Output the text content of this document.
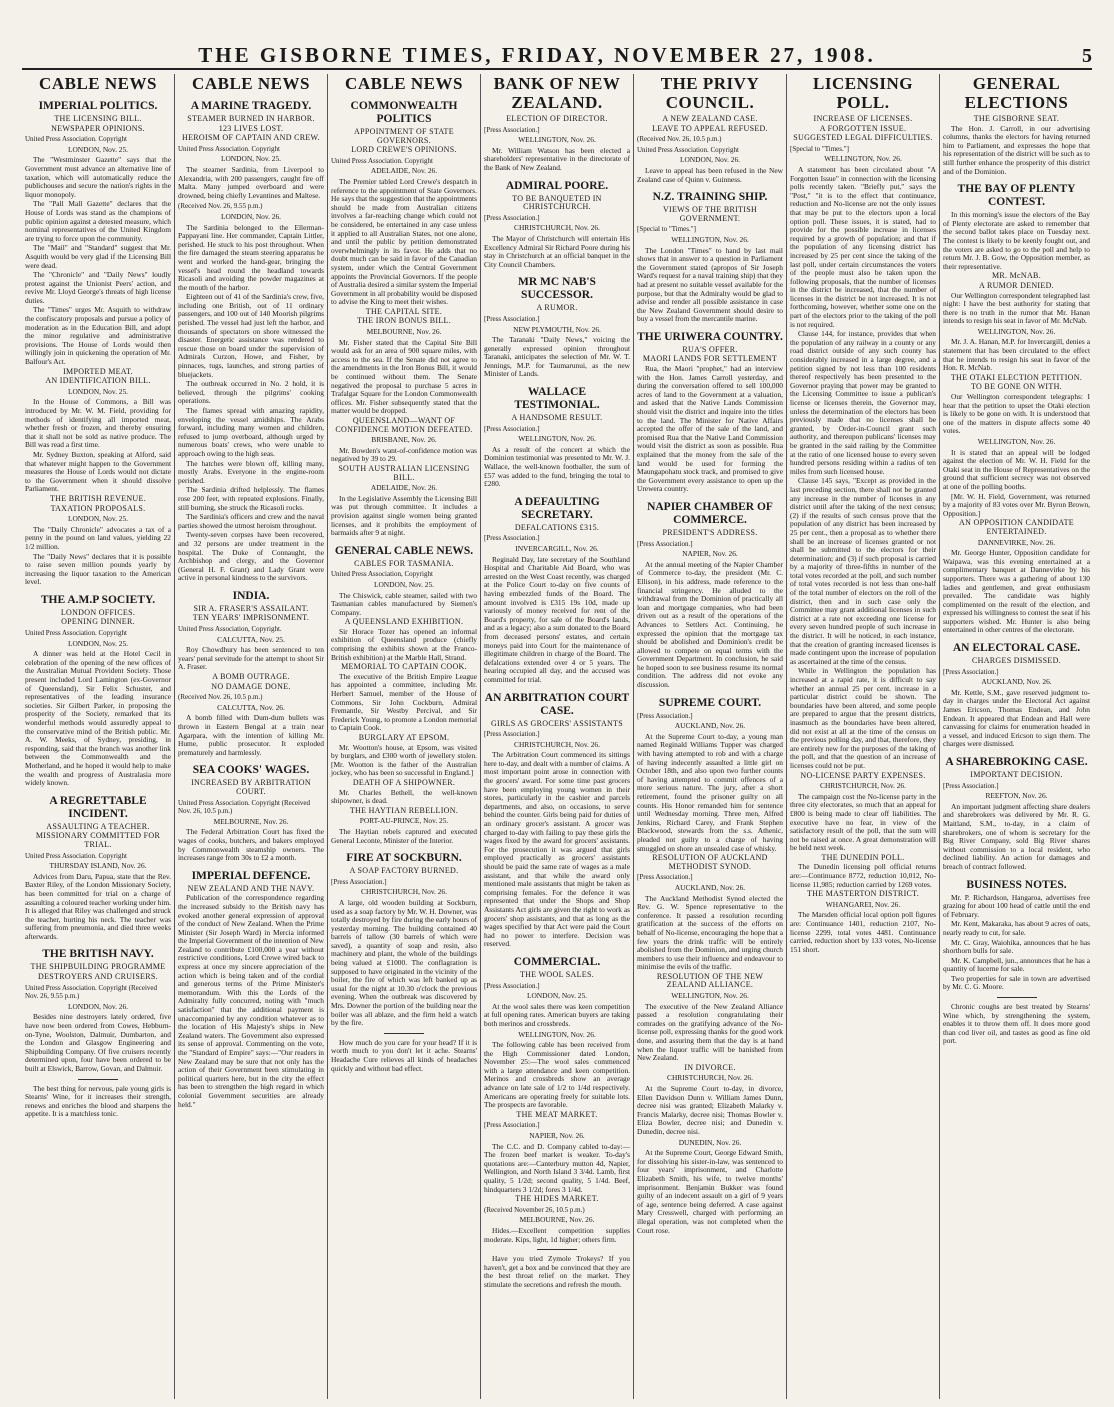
THE GISBORNE TIMES, FRIDAY, NOVEMBER 27, 1908.	5
CABLE NEWS
IMPERIAL POLITICS.
THE LICENSING BILL.
NEWSPAPER OPINIONS.
United Press Association. Copyright
LONDON, Nov. 25.

The "Westminster Gazette" says that the Government must advance an alternative line of taxation, which will automatically reduce the publichouses and secure the nation's rights in the liquor monopoly.

The "Pall Mall Gazette" declares that the House of Lords was stand as the champions of public opinion against a detested measure, which nominal representatives of the United Kingdom are trying to force upon the community.

The "Mail" and "Standard" suggest that Mr. Asquith would be very glad if the Licensing Bill were dead.

The "Chronicle" and "Daily News" loudly protest against the Unionist Peers' action, and revive Mr. Lloyd George's threats of high license duties.

The "Times" urges Mr. Asquith to withdraw the confiscatory proposals and pursue a policy of moderation as in the Education Bill, and adopt the minor regulative and administrative provisions. The House of Lords would then willingly join in quickening the operation of Mr. Balfour's Act.

IMPORTED MEAT.
AN IDENTIFICATION BILL.
LONDON, Nov. 25.

In the House of Commons, a Bill was introduced by Mr. W. M. Field, providing for methods of identifying all imported meat, whether fresh or frozen, and thereby ensuring that it shall not be sold as native produce. The Bill was read a first time.

Mr. Sydney Buxton, speaking at Alford, said that whatever might happen to the Government measures the House of Lords would not dictate to the Government when it should dissolve Parliament.

THE BRITISH REVENUE.
TAXATION PROPOSALS.
LONDON, Nov. 25.

The "Daily Chronicle" advocates a tax of a penny in the pound on land values, yielding 22 1/2 million.

The "Daily News" declares that it is possible to raise seven million pounds yearly by increasing the liquor taxation to the American level.

THE A.M.P SOCIETY.
LONDON OFFICES.
OPENING DINNER.
United Press Association. Copyright
LONDON, Nov. 25.

A dinner was held at the Hotel Cecil in celebration of the opening of the new offices of the Australian Mutual Provident Society. Those present included Lord Lamington (ex-Governor of Queensland), Sir Felix Schuster, and representatives of the leading insurance societies. Sir Gilbert Parker, in proposing the prosperity of the Society, remarked that its wonderful methods would assuredly appeal to the conservative mind of the British public. Mr. A. W. Meeks, of Sydney, presiding, in responding, said that the branch was another link between the Commonwealth and the Motherland, and he hoped it would help to make the wealth and progress of Australasia more widely known.

A REGRETTABLE INCIDENT.
ASSAULTING A TEACHER.
MISSIONARY COMMITTED FOR TRIAL.
United Press Association. Copyright
THURSDAY ISLAND, Nov. 26.

Advices from Daru, Papua, state that the Rev. Baxter Riley, of the London Missionary Society, has been committed for trial on a charge of assaulting a coloured teacher working under him. It is alleged that Riley was challenged and struck the teacher, hurting his neck. The teacher was suffering from pneumonia, and died three weeks afterwards.

THE BRITISH NAVY.
THE SHIPBUILDING PROGRAMME
DESTROYERS AND CRUISERS.
United Press Association. Copyright (Received Nov. 26, 9.55 p.m.)
LONDON, Nov. 26.

Besides nine destroyers lately ordered, five have now been ordered from Cowes, Hebburn-on-Tyne, Woolston, Dalmuir, Dumbarton, and the London and Glasgow Engineering and Shipbuilding Company. Of five cruisers recently determined upon, four have been ordered to be built at Elswick, Barrow, Govan, and Dalmuir.

The best thing for nervous, pale young girls is Stearns' Wine, for it increases their strength, renews and enriches the blood and sharpens the appetite. It is a matchless tonic.

CABLE NEWS
A MARINE TRAGEDY.
STEAMER BURNED IN HARBOR.
123 LIVES LOST.
HEROISM OF CAPTAIN AND CREW.
United Press Association. Copyright
LONDON, Nov. 25.

The steamer Sardinia, from Liverpool to Alexandria, with 200 passengers, caught fire off Malta. Many jumped overboard and were drowned, being chiefly Levantines and Maltese.

(Received Nov. 26, 9.55 p.m.)
LONDON, Nov. 26.

The Sardinia belonged to the Ellerman-Pappayani line. Her commander, Captain Littler, perished. He stuck to his post throughout. When the fire damaged the steam steering apparatus he went and worked the hand-gear, bringing the vessel's head round the headland towards Ricasoli and avoiding the powder magazines at the mouth of the harbor.

Eighteen out of 41 of the Sardinia's crew, five, including one British, out of 11 ordinary passengers, and 100 out of 140 Moorish pilgrims perished. The vessel had just left the harbor, and thousands of spectators on shore witnessed the disaster. Energetic assistance was rendered to rescue those on board under the supervision of Admirals Curzon, Howe, and Fisher, by pinnaces, tugs, launches, and strong parties of bluejackets.

The outbreak occurred in No. 2 hold, it is believed, through the pilgrims' cooking operations.

The flames spread with amazing rapidity, enveloping the vessel amidships. The Arabs forward, including many women and children, refused to jump overboard, although urged by numerous boats' crews, who were unable to approach owing to the high seas.

The hatches were blown off, killing many, mostly Arabs. Everyone in the engine-room perished.

The Sardinia drifted helplessly. The flames rose 200 feet, with repeated explosions. Finally, still burning, she struck the Ricasoli rocks.

The Sardinia's officers and crew and the naval parties showed the utmost heroism throughout.

Twenty-seven corpses have been recovered, and 32 persons are under treatment in the hospital. The Duke of Connaught, the Archbishop and clergy, and the Governor (General H. F. Grant) and Lady Grant were active in personal kindness to the survivors.

INDIA.
SIR A. FRASER'S ASSAILANT.
TEN YEARS' IMPRISONMENT.
United Press Association, Copyright.
CALCUTTA, Nov. 25.

Roy Chowdhury has been sentenced to ten years' penal servitude for the attempt to shoot Sir A. Fraser.

A BOMB OUTRAGE.
NO DAMAGE DONE.
(Received Nov. 26, 10.5 p.m.)
CALCUTTA, Nov. 26.

A bomb filled with Dum-dum bullets was thrown in Eastern Bengal at a train near Agarpara, with the intention of killing Mr. Hume, public prosecutor. It exploded prematurely and harmlessly.

SEA COOKS' WAGES.
INCREASED BY ARBITRATION COURT.
United Press Association. Copyright (Received Nov. 26, 10.5 p.m.)
MELBOURNE, Nov. 26.

The Federal Arbitration Court has fixed the wages of cooks, butchers, and bakers employed by Commonwealth steamship owners. The increases range from 30s to £2 a month.

IMPERIAL DEFENCE.
NEW ZEALAND AND THE NAVY.

Publication of the correspondence regarding the increased subsidy to the British navy has evoked another general expression of approval of the conduct of New Zealand. When the Prime Minister (Sir Joseph Ward) in Mercia informed the Imperial Government of the intention of New Zealand to contribute £100,000 a year without restrictive conditions, Lord Crewe wired back to express at once my sincere appreciation of the action which is being taken and of the cordial and generous terms of the Prime Minister's memorandum. With this the Lords of the Admiralty fully concurred, noting with "much satisfaction" that the additional payment is unaccompanied by any condition whatever as to the location of His Majesty's ships in New Zealand waters. The Government also expressed its sense of approval. Commenting on the vote, the "Standard of Empire" says:—"Our readers in New Zealand may be sure that not only has the action of their Government been stimulating in political quarters here, but in the city the effect has been to strengthen the high regard in which colonial Government securities are already held."

CABLE NEWS
COMMONWEALTH POLITICS
APPOINTMENT OF STATE GOVERNORS.
LORD CREWE'S OPINIONS.
United Press Association. Copyright
ADELAIDE, Nov. 26.

The Premier tabled Lord Crewe's despatch in reference to the appointment of State Governors. He says that the suggestion that the appointments should be made from Australian citizens involves a far-reaching change which could not be considered, be entertained in any case unless it applied to all Australian States, not one alone, and until the public by petition demonstrated overwhelmingly in its favor. He adds that no doubt much can be said in favor of the Canadian system, under which the Central Government appoints the Provincial Governors. If the people of Australia desired a similar system the Imperial Government in all probability would be disposed to advise the King to meet their wishes.

THE CAPITAL SITE.
THE IRON BONUS BILL.
MELBOURNE, Nov. 26.

Mr. Fisher stated that the Capital Site Bill would ask for an area of 900 square miles, with access to the sea. If the Senate did not agree to the amendments in the Iron Bonus Bill, it would be continued without them. The Senate negatived the proposal to purchase 5 acres in Trafalgar Square for the London Commonwealth offices. Mr. Fisher subsequently stated that the matter would be dropped.

QUEENSLAND—WANT OF CONFIDENCE MOTION DEFEATED.
BRISBANE, Nov. 26.

Mr. Bowden's want-of-confidence motion was negatived by 39 to 29.

SOUTH AUSTRALIAN LICENSING BILL.
ADELAIDE, Nov. 26.

In the Legislative Assembly the Licensing Bill was put through committee. It includes a provision against single women being granted licenses, and it prohibits the employment of barmaids after 9 at night.

GENERAL CABLE NEWS.
CABLES FOR TASMANIA.
United Press Association, Copyright
LONDON, Nov. 25.

The Chiswick, cable steamer, sailed with two Tasmanian cables manufactured by Siemen's Company.

A QUEENSLAND EXHIBITION.

Sir Horace Tozer has opened an informal exhibition of Queensland produce (chiefly comprising the exhibits shown at the Franco-British exhibition) at the Marble Hall, Strand.

MEMORIAL TO CAPTAIN COOK.

The executive of the British Empire League has appointed a committee, including Mr. Herbert Samuel, member of the House of Commons, Sir John Cockburn, Admiral Fremantle, Sir Westby Percival, and Sir Frederick Young, to promote a London memorial to Captain Cook.

BURGLARY AT EPSOM.

Mr. Wootton's house, at Epsom, was visited by burglars, and £300 worth of jewellery stolen. [Mr. Wootton is the father of the Australian jockey, who has been so successful in England.]

DEATH OF A SHIPOWNER.

Mr. Charles Bethell, the well-known shipowner, is dead.

THE HAYTIAN REBELLION.
PORT-AU-PRINCE, Nov. 25.

The Haytian rebels captured and executed General Leconte, Minister of the Interior.

FIRE AT SOCKBURN.
A SOAP FACTORY BURNED.
[Press Association.]
CHRISTCHURCH, Nov. 26.

A large, old wooden building at Sockburn, used as a soap factory by Mr. W. H. Downer, was totally destroyed by fire during the early hours of yesterday morning. The building contained 40 barrels of tallow (30 barrels of which were saved), a quantity of soap and resin, also machinery and plant, the whole of the buildings being valued at £1000. The conflagration is supposed to have originated in the vicinity of the boiler, the fire of which was left banked up as usual for the night at 10.30 o'clock the previous evening. When the outbreak was discovered by Mrs. Downer the portion of the building near the boiler was all ablaze, and the firm held a watch by the fire.

How much do you care for your head? If it is worth much to you don't let it ache. Stearns' Headache Cure relieves all kinds of headaches quickly and without bad effect.

BANK OF NEW ZEALAND.
ELECTION OF DIRECTOR.
[Press Association.]
WELLINGTON, Nov. 26.

Mr. William Watson has been elected a shareholders' representative in the directorate of the Bank of New Zealand.

ADMIRAL POORE.
TO BE BANQUETED IN CHRISTCHURCH.
[Press Association.]
CHRISTCHURCH, Nov. 26.

The Mayor of Christchurch will entertain His Excellency Admiral Sir Richard Poore during his stay in Christchurch at an official banquet in the City Council Chambers.

MR MC NAB'S SUCCESSOR.
A RUMOR.
[Press Association.]
NEW PLYMOUTH, Nov. 26.

The Taranaki "Daily News," voicing the generally expressed opinion throughout Taranaki, anticipates the selection of Mr. W. T. Jennings, M.P. for Taumarunui, as the new Minister of Lands.

WALLACE TESTIMONIAL.
A HANDSOME RESULT.
[Press Association.]
WELLINGTON, Nov. 26.

As a result of the concert at which the Dominion testimonial was presented to Mr. W. J. Wallace, the well-known footballer, the sum of £57 was added to the fund, bringing the total to £280.

A DEFAULTING SECRETARY.
DEFALCATIONS £315.
[Press Association.]
INVERCARGILL, Nov. 26.

Reginald Day, late secretary of the Southland Hospital and Charitable Aid Board, who was arrested on the West Coast recently, was charged at the Police Court to-day on five counts of having embezzled funds of the Board. The amount involved is £315 19s 10d, made up variously of money received for rent of the Board's property, for sale of the Board's lands, and as a legacy; also a sum donated to the Board from deceased persons' estates, and certain moneys paid into Court for the maintenance of illegitimate children in charge of the Board. The defalcations extended over 4 or 5 years. The hearing occupied all day, and the accused was committed for trial.

AN ARBITRATION COURT CASE.
GIRLS AS GROCERS' ASSISTANTS
[Press Association.]
CHRISTCHURCH, Nov. 26.

The Arbitration Court commenced its sittings here to-day, and dealt with a number of claims. A most important point arose in connection with the grocers' award. For some time past grocers have been employing young women in their stores, particularly in the cashier and parcels departments, and also, on occasions, to serve behind the counter. Girls being paid for duties of an ordinary grocer's assistant. A grocer was charged to-day with failing to pay these girls the wages fixed by the award for grocers' assistants. For the prosecution it was argued that girls employed practically as grocers' assistants should be paid the same rate of wages as a male assistant, and that while the award only mentioned male assistants that might be taken as comprising females. For the defence it was represented that under the Shops and Shop Assistants Act girls are given the right to work as grocers' shop assistants, and that as long as the wages specified by that Act were paid the Court had no power to interfere. Decision was reserved.

COMMERCIAL.
THE WOOL SALES.
[Press Association.]
LONDON, Nov. 25.

At the wool sales there was keen competition at full opening rates. American buyers are taking both merinos and crossbreds.

WELLINGTON, Nov. 26.

The following cable has been received from the High Commissioner dated London, November 25:—The wool sales commenced with a large attendance and keen competition. Merinos and crossbreds show an average advance on late sale of 1/2 to 1/4d respectively. Americans are operating freely for suitable lots. The prospects are favorable.

THE MEAT MARKET.
[Press Association.]
NAPIER, Nov. 26.

The C.C. and D. Company cabled to-day:—The frozen beef market is weaker. To-day's quotations are:—Canterbury mutton 4d, Napier, Wellington, and North Island 3 3/4d. Lamb, first quality, 5 1/2d; second quality, 5 1/4d. Beef, hindquarters 3 1/2d; fores 3 1/4d.

THE HIDES MARKET.
(Received November 26, 10.5 p.m.)
MELBOURNE, Nov. 26.

Hides.—Excellent competition supplies moderate. Kips, light, 1d higher; others firm.

Have you tried Zymole Trokeys? If you haven't, get a box and be convinced that they are the best throat relief on the market. They stimulate the secretions and refresh the mouth.

THE PRIVY COUNCIL.
A NEW ZEALAND CASE.
LEAVE TO APPEAL REFUSED.
(Received Nov. 26, 10.5 p.m.)
United Press Association. Copyright
LONDON, Nov. 26.

Leave to appeal has been refused in the New Zealand case of Quinn v. Guinness.

N.Z. TRAINING SHIP.
VIEWS OF THE BRITISH GOVERNMENT.
[Special to "Times."]
WELLINGTON, Nov. 26.

The London "Times" to hand by last mail shows that in answer to a question in Parliament the Government stated (apropos of Sir Joseph Ward's request for a naval training ship) that they had at present no suitable vessel available for the purpose, but that the Admiralty would be glad to advise and render all possible assistance in case the New Zealand Government should desire to buy a vessel from the mercantile marine.

THE URIWERA COUNTRY.
RUA'S OFFER.
MAORI LANDS FOR SETTLEMENT

Rua, the Maori "prophet," had an interview with the Hon. James Carroll yesterday, and during the conversation offered to sell 100,000 acres of land to the Government at a valuation, and asked that the Native Lands Commission should visit the district and inquire into the titles to the land. The Minister for Native Affairs accepted the offer of the sale of the land, and promised Rua that the Native Land Commission would visit the district as soon as possible. Rua explained that the money from the sale of the land would be used for forming the Maungapohatu stock track, and promised to give the Government every assistance to open up the Urewera country.

NAPIER CHAMBER OF COMMERCE.
PRESIDENT'S ADDRESS.
[Press Association.]
NAPIER, Nov. 26.

At the annual meeting of the Napier Chamber of Commerce to-day, the president (Mr. C. Ellison), in his address, made reference to the financial stringency. He alluded to the withdrawal from the Dominion of practically all loan and mortgage companies, who had been driven out as a result of the operations of the Advances to Settlers Act. Continuing, he expressed the opinion that the mortgage tax should be abolished and Dominion's credit be allowed to compete on equal terms with the Government Department. In conclusion, he said he hoped soon to see business resume its normal condition. The address did not evoke any discussion.

SUPREME COURT.
[Press Association.]
AUCKLAND, Nov. 26.

At the Supreme Court to-day, a young man named Reginald Williams Tupper was charged with having attempted to rob and with a charge of having indecently assaulted a little girl on October 18th, and also upon two further counts of having attempted to commit offences of a more serious nature. The jury, after a short retirement, found the prisoner guilty on all counts. His Honor remanded him for sentence until Wednesday morning. Three men, Alfred Jenkins, Richard Carey, and Frank Stephen Blackwood, stewards from the s.s. Athenic, pleaded not guilty to a charge of having smuggled on shore an unsealed case of whisky.

RESOLUTION OF AUCKLAND METHODIST SYNOD.
[Press Association.]
AUCKLAND, Nov. 26.

The Auckland Methodist Synod elected the Rev. G. W. Spence representative to the conference. It passed a resolution recording gratification at the success of the efforts on behalf of No-license, encouraging the hope that a few years the drink traffic will be entirely abolished from the Dominion, and urging church members to use their influence and endeavour to minimise the evils of the traffic.

RESOLUTION OF THE NEW ZEALAND ALLIANCE.
WELLINGTON, Nov. 26.

The executive of the New Zealand Alliance passed a resolution congratulating their comrades on the gratifying advance of the No-license poll, expressing thanks for the good work done, and assuring them that the day is at hand when the liquor traffic will be banished from New Zealand.

IN DIVORCE.
CHRISTCHURCH, Nov. 26.

At the Supreme Court to-day, in divorce, Ellen Davidson Dunn v. William James Dunn, decree nisi was granted; Elizabeth Malarky v. Francis Malarky, decree nisi; Thomas Bowler v. Eliza Bowler, decree nisi; and Dunedin v. Dunedin, decree nisi.

DUNEDIN, Nov. 26.

At the Supreme Court, George Edward Smith, for dissolving his sister-in-law, was sentenced to four years' imprisonment, and Charlotte Elizabeth Smith, his wife, to twelve months' imprisonment. Benjamin Bukker was found guilty of an indecent assault on a girl of 9 years of age, sentence being deferred. A case against Mary Cresswell, charged with performing an illegal operation, was not completed when the Court rose.

LICENSING POLL.
INCREASE OF LICENSES.
A FORGOTTEN ISSUE.
SUGGESTED LEGAL DIFFICULTIES.
[Special to "Times."]
WELLINGTON, Nov. 26.

A statement has been circulated about "A Forgotten Issue" in connection with the licensing polls recently taken. "Briefly put," says the "Post," "it is to the effect that continuance, reduction and No-license are not the only issues that may be put to the electors upon a local option poll. These issues, it is stated, had to provide for the possible increase in licenses required by a growth of population; and that if the population of any licensing district has increased by 25 per cent since the taking of the last poll, under certain circumstances the voters of the people must also be taken upon the following proposals, that the number of licenses in the district be increased, that the number of licenses in the district be not increased. It is not forthcoming, however, whether some one on the part of the electors prior to the taking of the poll is not required.

Clause 144, for instance, provides that when the population of any railway in a county or any road district outside of any such county has considerably increased in a large degree, and a petition signed by not less than 100 residents thereof respectively has been presented to the Governor praying that power may be granted to the Licensing Committee to issue a publican's license or licenses therein, the Governor may, unless the determination of the electors has been previously made that no licenses shall be granted, by Order-in-Council grant such authority, and thereupon publicans' licenses may be granted in the said railing by the Committee at the ratio of one licensed house to every seven hundred persons residing within a radius of ten miles from such licensed house.

Clause 145 says, "Except as provided in the last preceding section, there shall not be granted any increase in the number of licenses in any district until after the taking of the next census; (2) if the results of such census prove that the population of any district has been increased by 25 per cent., then a proposal as to whether there shall be an increase of licenses granted or not shall be submitted to the electors for their determination; and (3) if such proposal is carried by a majority of three-fifths in number of the total votes recorded at the poll, and such number of total votes recorded is not less than one-half of the total number of electors on the roll of the district, then and in such case only the Committee may grant additional licenses in such district at a rate not exceeding one license for every seven hundred people of such increase in the district. It will be noticed, in each instance, that the creation of granting increased licenses is made contingent upon the increase of population as ascertained at the time of the census.

While in Wellington the population has increased at a rapid rate, it is difficult to say whether an annual 25 per cent. increase in a particular district could be shown. The boundaries have been altered, and some people are prepared to argue that the present districts, inasmuch as the boundaries have been altered, did not exist at all at the time of the census on the previous polling day, and that, therefore, they are entirely new for the purposes of the taking of the poll, and that the question of an increase of licenses could not be put.

NO-LICENSE PARTY EXPENSES.
CHRISTCHURCH, Nov. 26.

The campaign cost the No-license party in the three city electorates, so much that an appeal for £800 is being made to clear off liabilities. The executive have no fear, in view of the satisfactory result of the poll, that the sum will not be raised at once. A great demonstration will be held next week.

THE DUNEDIN POLL.

The Dunedin licensing poll official returns are:—Continuance 8772, reduction 10,012, No-license 11,985; reduction carried by 1269 votes.

THE MASTERTON DISTRICT.
WHANGAREI, Nov. 26.

The Marsden official local option poll figures are: Continuance 1401, reduction 2107, No-license 2299, total votes 4481. Continuance carried, reduction short by 133 votes, No-license 151 short.

GENERAL ELECTIONS
THE GISBORNE SEAT.

The Hon. J. Carroll, in our advertising columns, thanks the electors for having returned him to Parliament, and expresses the hope that his representation of the district will be such as to still further enhance the prosperity of this district and of the Dominion.

THE BAY OF PLENTY CONTEST.

In this morning's issue the electors of the Bay of Plenty electorate are asked to remember that the second ballot takes place on Tuesday next. The contest is likely to be keenly fought out, and the voters are asked to go to the poll and help to return Mr. J. B. Gow, the Opposition member, as their representative.

MR. McNAB.
A RUMOR DENIED.

Our Wellington correspondent telegraphed last night: I have the best authority for stating that there is no truth in the rumor that Mr. Hanan intends to resign his seat in favor of Mr. McNab.

WELLINGTON, Nov. 26.

Mr. J. A. Hanan, M.P. for Invercargill, denies a statement that has been circulated to the effect that he intends to resign his seat in favor of the Hon. R. McNab.

THE OTAKI ELECTION PETITION.
TO BE GONE ON WITH.

Our Wellington correspondent telegraphs: I hear that the petition to upset the Otaki election is likely to be gone on with. It is understood that one of the matters in dispute affects some 40 votes.

WELLINGTON, Nov. 26.

It is stated that an appeal will be lodged against the election of Mr. W. H. Field for the Otaki seat in the House of Representatives on the ground that sufficient secrecy was not observed at one of the polling booths.

[Mr. W. H. Field, Government, was returned by a majority of 83 votes over Mr. Byron Brown, Opposition.]

AN OPPOSITION CANDIDATE ENTERTAINED.
DANNEVIRKE, Nov. 26.

Mr. George Hunter, Opposition candidate for Waipawa, was this evening entertained at a complimentary banquet at Dannevirke by his supporters. There was a gathering of about 130 ladies and gentlemen, and great enthusiasm prevailed. The candidate was highly complimented on the result of the election, and expressed his willingness to contest the seat if his supporters wished. Mr. Hunter is also being entertained in other centres of the electorate.

AN ELECTORAL CASE.
CHARGES DISMISSED.
[Press Association.]
AUCKLAND, Nov. 26.

Mr. Kettle, S.M., gave reserved judgment to-day in charges under the Electoral Act against James Ericson, Thomas Endean, and John Endean. It appeared that Endean and Hall were canvassing for claims for enumeration headed in a vessel, and induced Ericson to sign them. The charges were dismissed.

A SHAREBROKING CASE.
IMPORTANT DECISION.
[Press Association.]
REEFTON, Nov. 26.

An important judgment affecting share dealers and sharebrokers was delivered by Mr. R. G. Maitland, S.M., to-day, in a claim of sharebrokers, one of whom is secretary for the Big River Company, sold Big River shares without commission to a local resident, who declined liability. An action for damages and breach of contract followed.

BUSINESS NOTES.

Mr. P. Richardson, Hangaroa, advertises free grazing for about 100 head of cattle until the end of February.

Mr. Kent, Makaraka, has about 9 acres of oats, nearly ready to cut, for sale.

Mr. C. Gray, Waiohika, announces that he has shorthorn bulls for sale.

Mr. K. Campbell, jun., announces that he has a quantity of lucerne for sale.

Two properties for sale in town are advertised by Mr. C. G. Moore.

Chronic coughs are best treated by Stearns' Wine which, by strengthening the system, enables it to throw them off. It does more good than cod liver oil, and tastes as good as fine old port.
